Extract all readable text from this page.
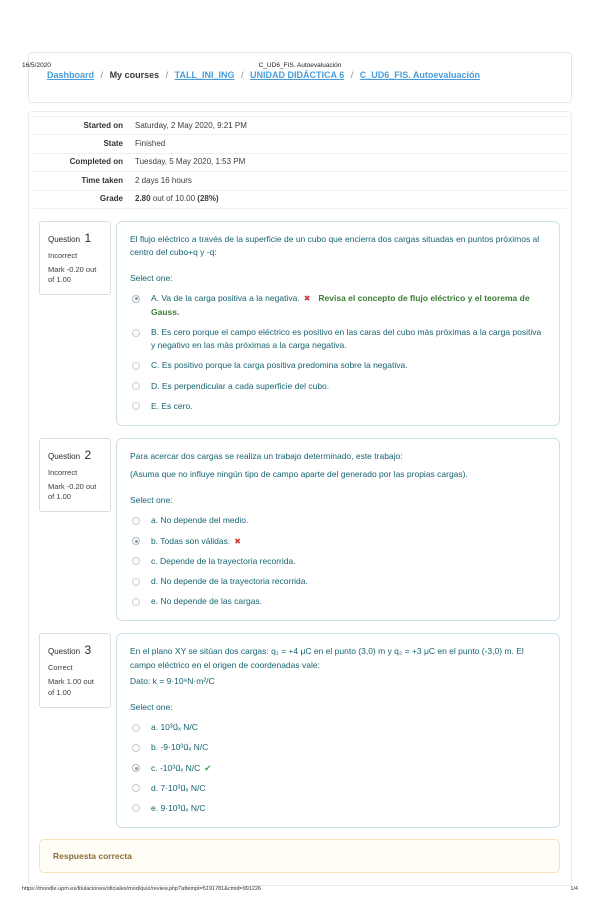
16/5/2020	C_UD6_FIS. Autoevaluación
Dashboard / My courses / TALL_INI_ING / UNIDAD DIDÁCTICA 6 / C_UD6_FIS. Autoevaluación
Started on	Saturday, 2 May 2020, 9:21 PM
State	Finished
Completed on	Tuesday, 5 May 2020, 1:53 PM
Time taken	2 days 16 hours
Grade	2.80 out of 10.00 (28%)
Question 1
Incorrect
Mark -0.20 out of 1.00
El flujo eléctrico a través de la superficie de un cubo que encierra dos cargas situadas en puntos próximos al centro del cubo+q y -q:
Select one:
A. Va de la carga positiva a la negativa. ✖ Revisa el concepto de flujo eléctrico y el teorema de Gauss.
B. Es cero porque el campo eléctrico es positivo en las caras del cubo más próximas a la carga positiva y negativo en las más próximas a la carga negativa.
C. Es positivo porque la carga positiva predomina sobre la negativa.
D. Es perpendicular a cada superficie del cubo.
E. Es cero.
Question 2
Incorrect
Mark -0.20 out of 1.00
Para acercar dos cargas se realiza un trabajo determinado, este trabajo:
(Asuma que no influye ningún tipo de campo aparte del generado por las propias cargas).
Select one:
a. No depende del medio.
b. Todas son válidas. ✖
c. Depende de la trayectoria recorrida.
d. No depende de la trayectoria recorrida.
e. No depende de las cargas.
Question 3
Correct
Mark 1.00 out of 1.00
En el plano XY se sitúan dos cargas: q₁ = +4 μC en el punto (3,0) m y q₂ = +3 μC en el punto (-3,0) m. El campo eléctrico en el origen de coordenadas vale:
Dato: k = 9·10⁹N·m²/C
Select one:
a. 10³u⃗ₓ N/C
b. -9·10³u⃗ₓ N/C
c. -10³u⃗ₓ N/C ✔
d. 7·10³u⃗ₓ N/C
e. 9·10³u⃗ₓ N/C
Respuesta correcta
https://moodle.upm.es/titulaciones/oficiales/mod/quiz/review.php?attempt=5191781&cmid=991226	1/4
